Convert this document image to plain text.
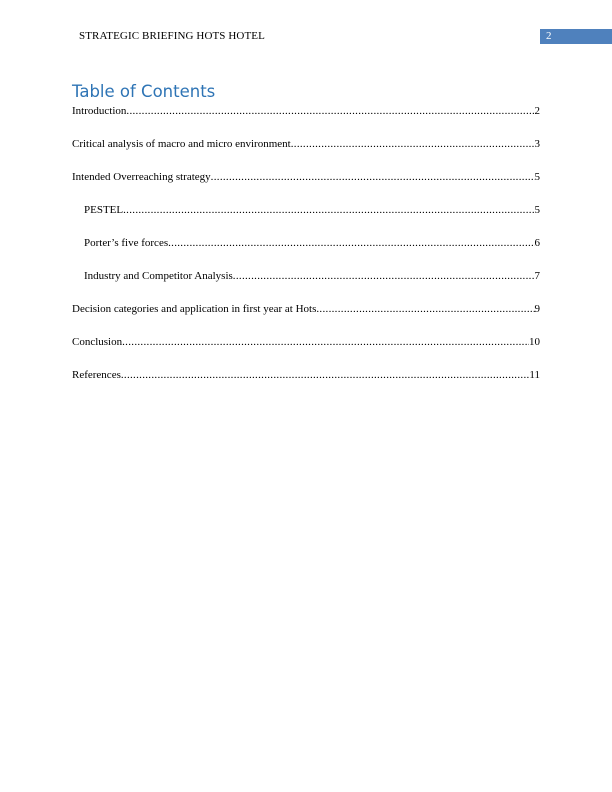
STRATEGIC BRIEFING HOTS HOTEL	2
Table of Contents
Introduction .....	2
Critical analysis of macro and micro environment .....	3
Intended Overreaching strategy .....	5
PESTEL .....	5
Porter’s five forces .....	6
Industry and Competitor Analysis .....	7
Decision categories and application in first year at Hots .....	9
Conclusion .....	10
References .....	11
